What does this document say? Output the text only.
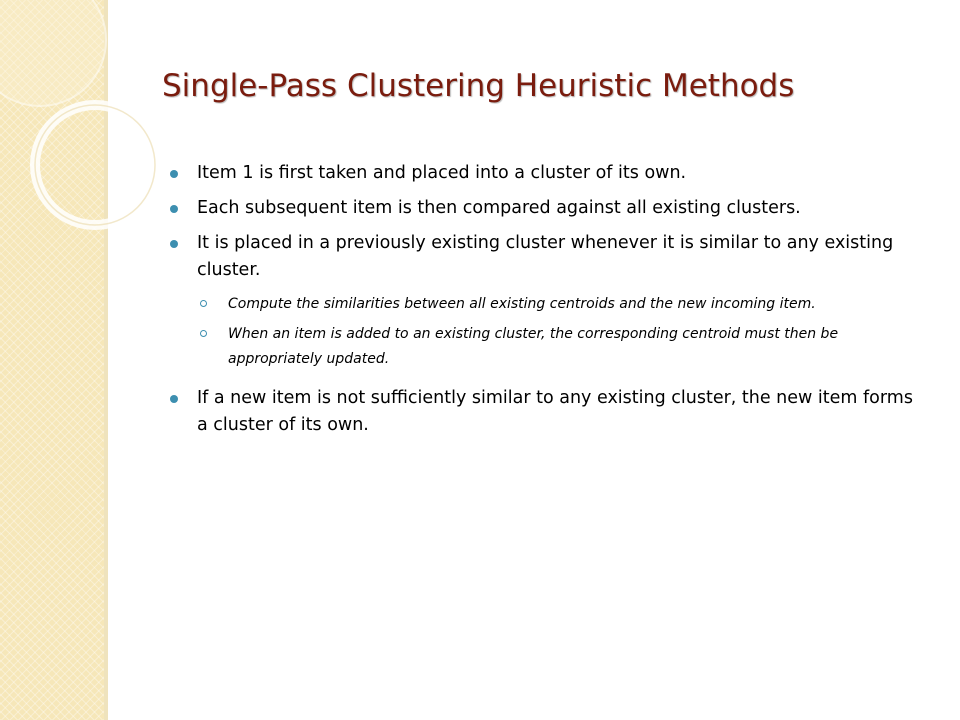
Single-Pass Clustering Heuristic Methods
Item 1 is first taken and placed into a cluster of its own.
Each subsequent item is then compared against all existing clusters.
It is placed in a previously existing cluster whenever it is similar to any existing cluster.
Compute the similarities between all existing centroids and the new incoming item.
When an item is added to an existing cluster, the corresponding centroid must then be appropriately updated.
If a new item is not sufficiently similar to any existing cluster, the new item forms a cluster of its own.
